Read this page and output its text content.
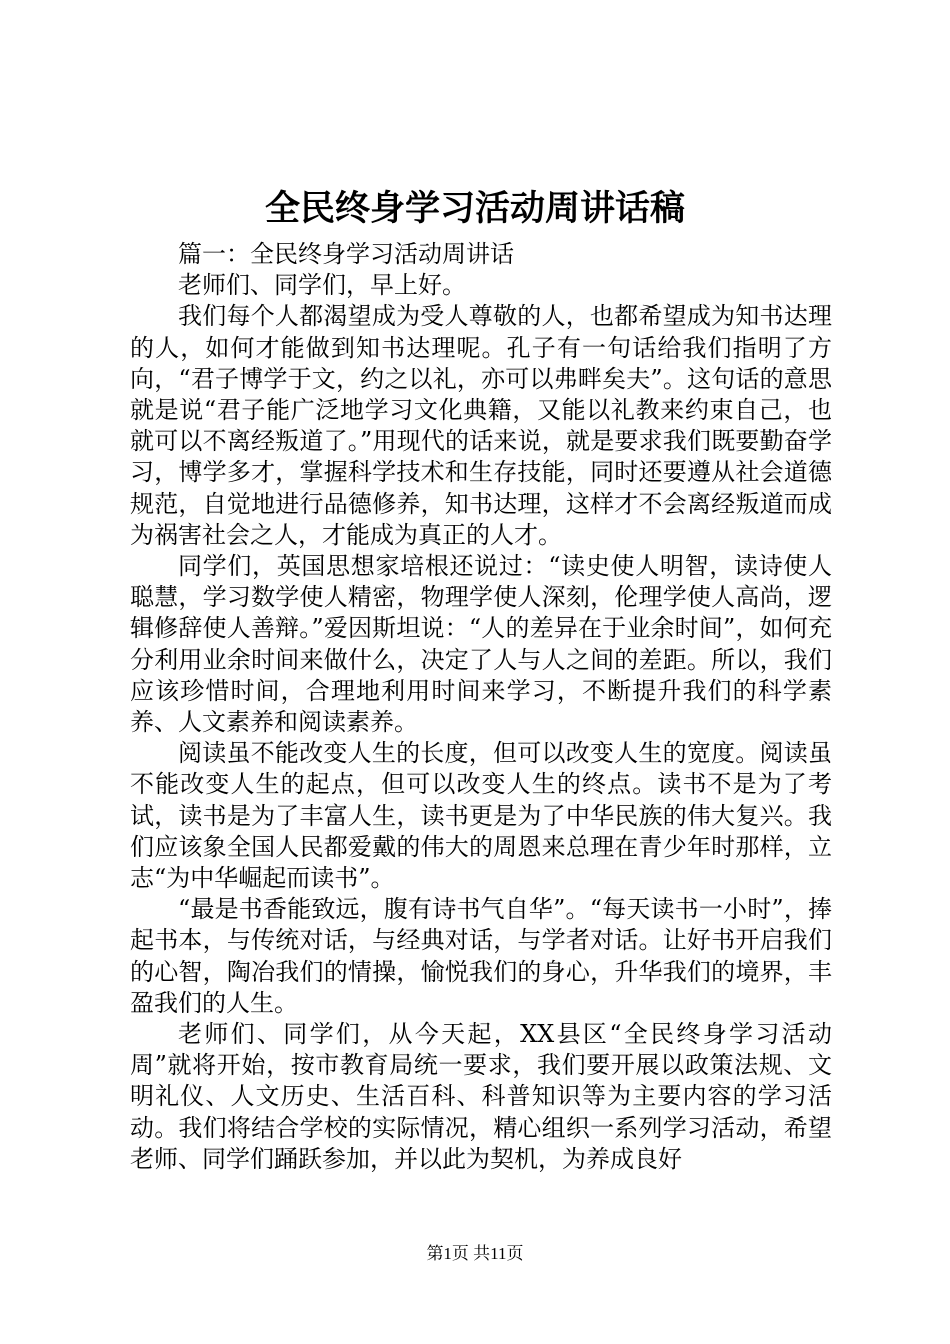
全民终身学习活动周讲话稿

篇一：全民终身学习活动周讲话

老师们、同学们，早上好。

我们每个人都渴望成为受人尊敬的人，也都希望成为知书达理的人，如何才能做到知书达理呢。孔子有一句话给我们指明了方向，“君子博学于文，约之以礼，亦可以弗畔矣夫”。这句话的意思就是说“君子能广泛地学习文化典籍，又能以礼教来约束自己，也就可以不离经叛道了。”用现代的话来说，就是要求我们既要勤奋学习，博学多才，掌握科学技术和生存技能，同时还要遵从社会道德规范，自觉地进行品德修养，知书达理，这样才不会离经叛道而成为祸害社会之人，才能成为真正的人才。

同学们，英国思想家培根还说过：“读史使人明智，读诗使人聪慧，学习数学使人精密，物理学使人深刻，伦理学使人高尚，逻辑修辞使人善辩。”爱因斯坦说：“人的差异在于业余时间”，如何充分利用业余时间来做什么，决定了人与人之间的差距。所以，我们应该珍惜时间，合理地利用时间来学习，不断提升我们的科学素养、人文素养和阅读素养。

阅读虽不能改变人生的长度，但可以改变人生的宽度。阅读虽不能改变人生的起点，但可以改变人生的终点。读书不是为了考试，读书是为了丰富人生，读书更是为了中华民族的伟大复兴。我们应该象全国人民都爱戴的伟大的周恩来总理在青少年时那样，立志“为中华崛起而读书”。

“最是书香能致远，腹有诗书气自华”。“每天读书一小时”，捧起书本，与传统对话，与经典对话，与学者对话。让好书开启我们的心智，陶冶我们的情操，愉悦我们的身心，升华我们的境界，丰盈我们的人生。

老师们、同学们，从今天起，XX县区“全民终身学习活动周”就将开始，按市教育局统一要求，我们要开展以政策法规、文明礼仪、人文历史、生活百科、科普知识等为主要内容的学习活动。我们将结合学校的实际情况，精心组织一系列学习活动，希望老师、同学们踊跃参加，并以此为契机，为养成良好

第1页 共11页
